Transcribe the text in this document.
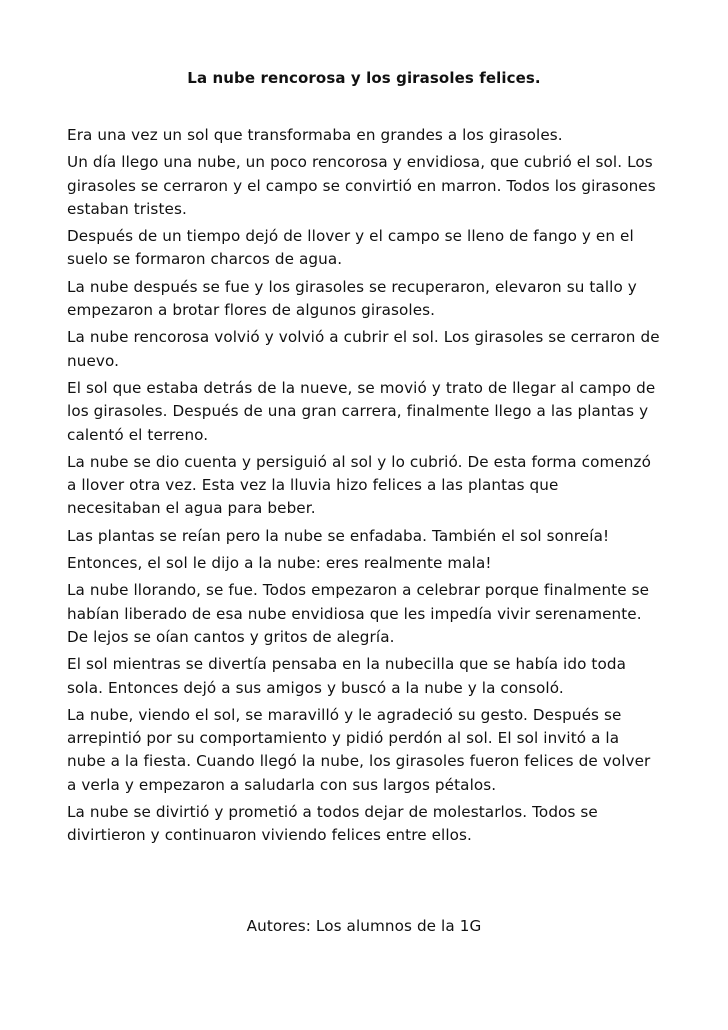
La nube rencorosa y los girasoles felices.

Era una vez un sol que transformaba en grandes a los girasoles.

Un día llego una nube, un poco rencorosa y envidiosa, que cubrió el sol. Los
girasoles se cerraron y el campo se convirtió en marron. Todos los girasones
estaban tristes.

Después de un tiempo dejó de llover y el campo se lleno de fango y en el
suelo se formaron charcos de agua.

La nube después se fue y los girasoles se recuperaron, elevaron su tallo y
empezaron a brotar flores de algunos girasoles.

La nube rencorosa volvió y volvió a cubrir el sol. Los girasoles se cerraron de
nuevo.

El sol que estaba detrás de la nueve, se movió y trato de llegar al campo de
los girasoles. Después de una gran carrera, finalmente llego a las plantas y
calentó el terreno.

La nube se dio cuenta y persiguió al sol y lo cubrió. De esta forma comenzó
a llover otra vez. Esta vez la lluvia hizo felices a las plantas que
necesitaban el agua para beber.

Las plantas se reían pero la nube se enfadaba. También el sol sonreía!

Entonces, el sol le dijo a la nube: eres realmente mala!

La nube llorando, se fue. Todos empezaron a celebrar porque finalmente se
habían liberado de esa nube envidiosa que les impedía vivir serenamente.
De lejos se oían cantos y gritos de alegría.

El sol mientras se divertía pensaba en la nubecilla que se había ido toda
sola. Entonces dejó a sus amigos y buscó a la nube y la consoló.

La nube, viendo el sol, se maravilló y le agradeció su gesto. Después se
arrepintió por su comportamiento y pidió perdón al sol. El sol invitó a la
nube a la fiesta. Cuando llegó la nube, los girasoles fueron felices de volver
a verla y empezaron a saludarla con sus largos pétalos.

La nube se divirtió y prometió a todos dejar de molestarlos. Todos se
divirtieron y continuaron viviendo felices entre ellos.

Autores: Los alumnos de la 1G
